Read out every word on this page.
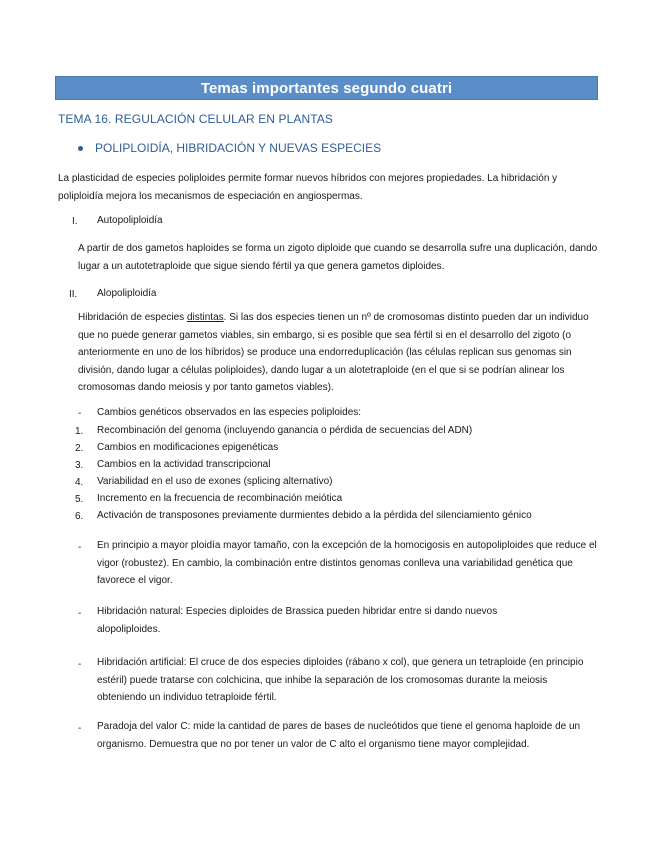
Temas importantes segundo cuatri
TEMA 16. REGULACIÓN CELULAR EN PLANTAS
POLIPLOIDÍA, HIBRIDACIÓN Y NUEVAS ESPECIES
La plasticidad de especies poliploides permite formar nuevos híbridos con mejores propiedades. La hibridación y poliploidía mejora los mecanismos de especiación en angiospermas.
I. Autopoliploidía
A partir de dos gametos haploides se forma un zigoto diploide que cuando se desarrolla sufre una duplicación, dando lugar a un autotetraploide que sigue siendo fértil ya que genera gametos diploides.
II. Alopoliploidía
Hibridación de especies distintas. Si las dos especies tienen un nº de cromosomas distinto pueden dar un individuo que no puede generar gametos viables, sin embargo, si es posible que sea fértil si en el desarrollo del zigoto (o anteriormente en uno de los híbridos) se produce una endorreduplicación (las células replican sus genomas sin división, dando lugar a células poliploides), dando lugar a un alotetraploide (en el que si se podrían alinear los cromosomas dando meiosis y por tanto gametos viables).
- Cambios genéticos observados en las especies poliploides:
1. Recombinación del genoma (incluyendo ganancia o pérdida de secuencias del ADN)
2. Cambios en modificaciones epigenéticas
3. Cambios en la actividad transcripcional
4. Variabilidad en el uso de exones (splicing alternativo)
5. Incremento en la frecuencia de recombinación meiótica
6. Activación de transposones previamente durmientes debido a la pérdida del silenciamiento génico
- En principio a mayor ploidía mayor tamaño, con la excepción de la homocigosis en autopoliploides que reduce el vigor (robustez). En cambio, la combinación entre distintos genomas conlleva una variabilidad genética que favorece el vigor.
- Hibridación natural: Especies diploides de Brassica pueden hibridar entre si dando nuevos alopoliploides.
- Hibridación artificial: El cruce de dos especies diploides (rábano x col), que genera un tetraploide (en principio estéril) puede tratarse con colchicina, que inhibe la separación de los cromosomas durante la meiosis obteniendo un individuo tetraploide fértil.
- Paradoja del valor C: mide la cantidad de pares de bases de nucleótidos que tiene el genoma haploide de un organismo. Demuestra que no por tener un valor de C alto el organismo tiene mayor complejidad.
